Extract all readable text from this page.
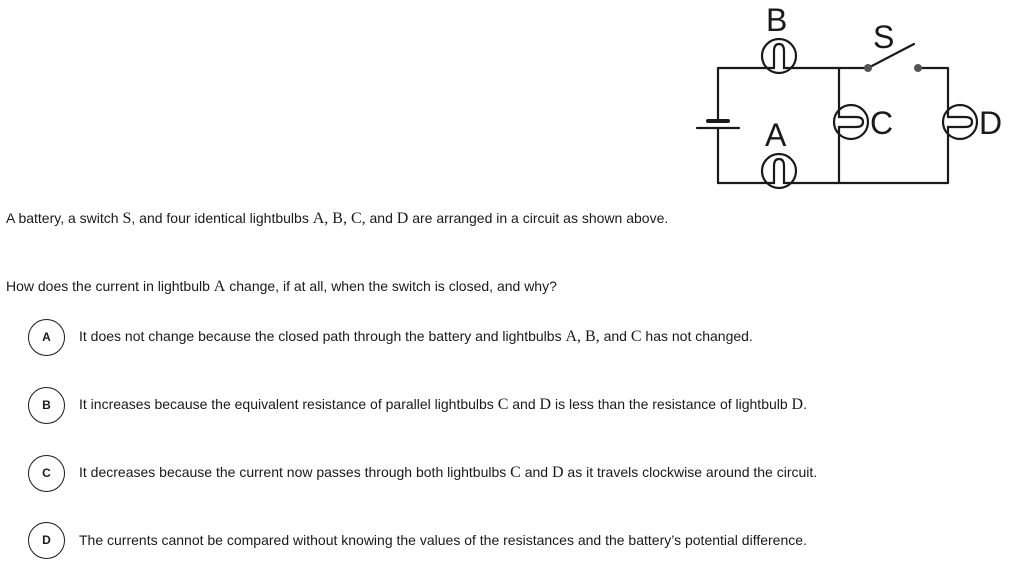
B	S
A	C	D
A battery, a switch S, and four identical lightbulbs A, B, C, and D are arranged in a circuit as shown above.
How does the current in lightbulb A change, if at all, when the switch is closed, and why?
A	It does not change because the closed path through the battery and lightbulbs A, B, and C has not changed.
B	It increases because the equivalent resistance of parallel lightbulbs C and D is less than the resistance of lightbulb D.
C	It decreases because the current now passes through both lightbulbs C and D as it travels clockwise around the circuit.
D	The currents cannot be compared without knowing the values of the resistances and the battery’s potential difference.
